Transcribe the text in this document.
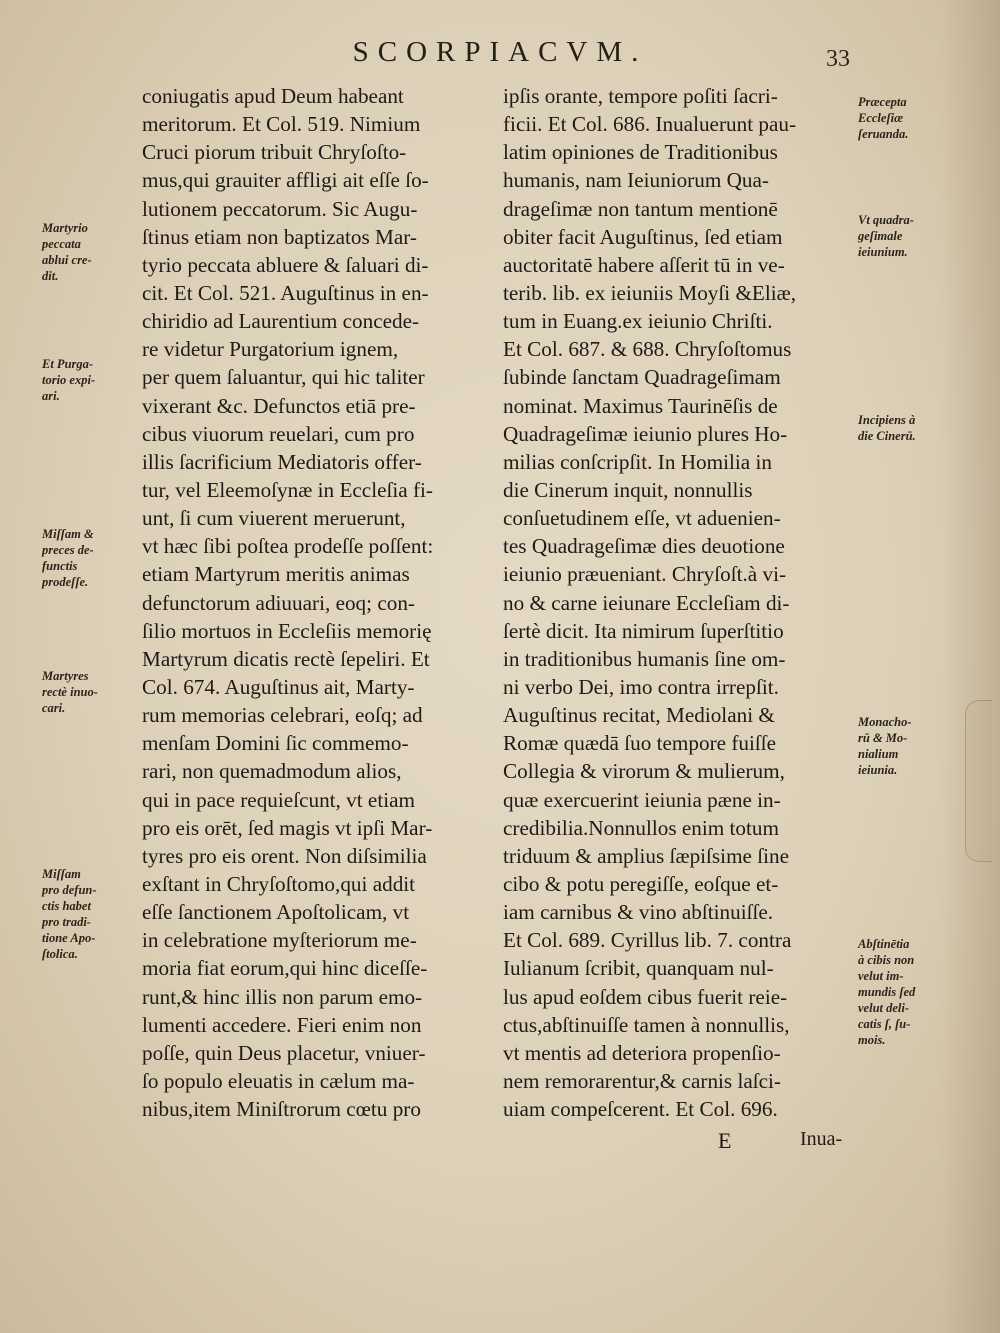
SCORPIACVM.	33
coniugatis apud Deum habeant
meritorum. Et Col. 519. Nimium
Cruci piorum tribuit Chryſoſto-
mus,qui grauiter affligi ait eſſe ſo-
lutionem peccatorum. Sic Augu-
ſtinus etiam non baptizatos Mar-
tyrio peccata abluere & ſaluari di-
cit. Et Col. 521. Auguſtinus in en-
chiridio ad Laurentium concede-
re videtur Purgatorium ignem,
per quem ſaluantur, qui hic taliter
vixerant &c. Defunctos etiā pre-
cibus viuorum reuelari, cum pro
illis ſacrificium Mediatoris offer-
tur, vel Eleemoſynæ in Eccleſia fi-
unt, ſi cum viuerent meruerunt,
vt hæc ſibi poſtea prodeſſe poſſent:
etiam Martyrum meritis animas
defunctorum adiuuari, eoq; con-
ſilio mortuos in Eccleſiis memorię
Martyrum dicatis rectè ſepeliri. Et
Col. 674. Auguſtinus ait, Marty-
rum memorias celebrari, eoſq; ad
menſam Domini ſic commemo-
rari, non quemadmodum alios,
qui in pace requieſcunt, vt etiam
pro eis orēt, ſed magis vt ipſi Mar-
tyres pro eis orent. Non diſsimilia
exſtant in Chryſoſtomo,qui addit
eſſe ſanctionem Apoſtolicam, vt
in celebratione myſteriorum me-
moria fiat eorum,qui hinc diceſſe-
runt,& hinc illis non parum emo-
lumenti accedere. Fieri enim non
poſſe, quin Deus placetur, vniuer-
ſo populo eleuatis in cælum ma-
nibus,item Miniſtrorum cœtu pro
ipſis orante, tempore poſiti ſacri-
ficii. Et Col. 686. Inualuerunt pau-
latim opiniones de Traditionibus
humanis, nam Ieiuniorum Qua-
drageſimæ non tantum mentionē
obiter facit Auguſtinus, ſed etiam
auctoritatē habere aſſerit tū in ve-
terib. lib. ex ieiuniis Moyſi &Eliæ,
tum in Euang.ex ieiunio Chriſti.
Et Col. 687. & 688. Chryſoſtomus
ſubinde ſanctam Quadrageſimam
nominat. Maximus Taurinēſis de
Quadrageſimæ ieiunio plures Ho-
milias conſcripſit. In Homilia in
die Cinerum inquit, nonnullis
conſuetudinem eſſe, vt aduenien-
tes Quadrageſimæ dies deuotione
ieiunio præueniant. Chryſoſt.à vi-
no & carne ieiunare Eccleſiam di-
ſertè dicit. Ita nimirum ſuperſtitio
in traditionibus humanis ſine om-
ni verbo Dei, imo contra irrepſit.
Auguſtinus recitat, Mediolani &
Romæ quædā ſuo tempore fuiſſe
Collegia & virorum & mulierum,
quæ exercuerint ieiunia pæne in-
credibilia.Nonnullos enim totum
triduum & amplius ſæpiſsime ſine
cibo & potu peregiſſe, eoſque et-
iam carnibus & vino abſtinuiſſe.
Et Col. 689. Cyrillus lib. 7. contra
Iulianum ſcribit, quanquam nul-
lus apud eoſdem cibus fuerit reie-
ctus,abſtinuiſſe tamen à nonnullis,
vt mentis ad deteriora propenſio-
nem remorarentur,& carnis laſci-
uiam compeſcerent. Et Col. 696.
Martyrio
peccata
ablui cre-
dit.
Et Purga-
torio expi-
ari.
Miſſam &
preces de-
functis
prodeſſe.
Martyres
rectè inuo-
cari.
Miſſam
pro defun-
ctis habet
pro tradi-
tione Apo-
ſtolica.
Præcepta
Eccleſiæ
ſeruanda.
Vt quadra-
geſimale
ieiunium.
Incipiens à
die Cinerū.
Monacho-
rū & Mo-
nialium
ieiunia.
Abſtinētia
à cibis non
velut im-
mundis ſed
velut deli-
catis ſ, ſu-
mois.
E	Inua-
